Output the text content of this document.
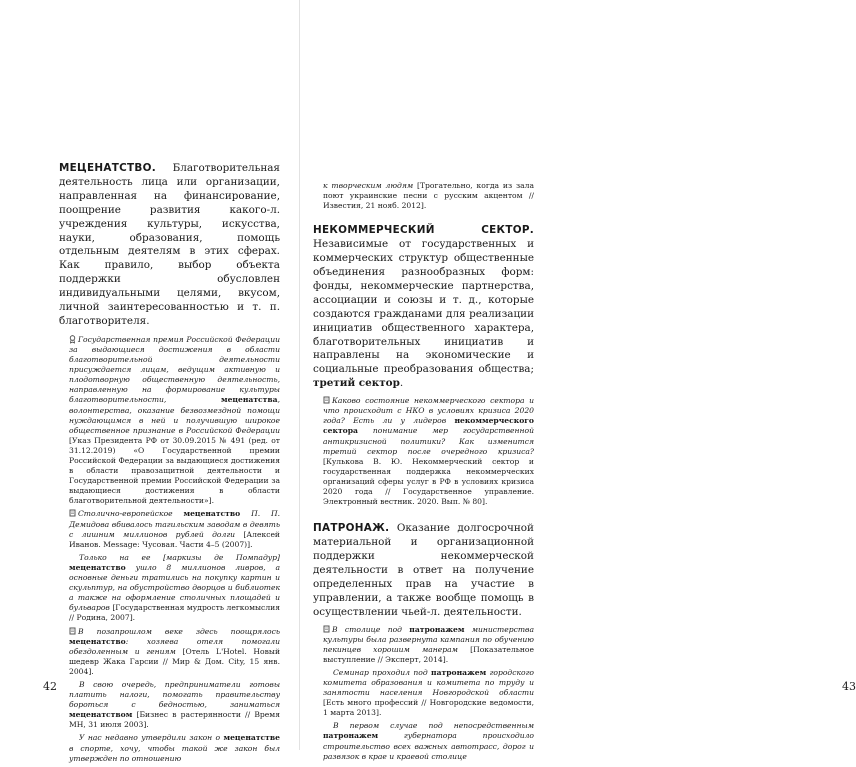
МЕЦЕНАТСТВО. Благотворительная деятельность лица или организации, направленная на финансирование, поощрение развития какого-л. учреждения культуры, искусства, науки, образования, помощь отдельным деятелям в этих сферах. Как правило, выбор объекта поддержки обусловлен индивидуальными целями, вкусом, личной заинтересованностью и т. п. благотворителя.

Государственная премия Российской Федерации за выдающиеся достижения в области благотворительной деятельности присуждается лицам, ведущим активную и плодотворную общественную деятельность, направленную на формирование культуры благотворительности, меценатства, волонтерства, оказание безвозмездной помощи нуждающимся в ней и получившую широкое общественное признание в Российской Федерации [Указ Президента РФ от 30.09.2015 № 491 (ред. от 31.12.2019) «О Государственной премии Российской Федерации за выдающиеся достижения в области правозащитной деятельности и Государственной премии Российской Федерации за выдающиеся достижения в области благотворительной деятельности»].

Столично-европейское меценатство П. П. Демидова вбивалось тагильским заводам в девять с лишним миллионов рублей долги [Алексей Иванов. Message: Чусовая. Части 4–5 (2007)].

Только на ее [маркизы де Помпадур] меценатство ушло 8 миллионов ливров, а основные деньги тратились на покупку картин и скульптур, на обустройство дворцов и библиотек а также на оформление столичных площадей и бульваров [Государственная мудрость легкомыслия // Родина, 2007].

В позапрошлом веке здесь поощрялось меценатство: хозяева отеля помогали обездоленным и гениям [Отель L'Hotel. Новый шедевр Жака Гарсии // Мир & Дом. City, 15 янв. 2004].

В свою очередь, предприниматели готовы платить налоги, помогать правительству бороться с бедностью, заниматься меценатством [Бизнес в растерянности // Время МН, 31 июля 2003].

У нас недавно утвердили закон о меценатстве в спорте, хочу, чтобы такой же закон был утвержден по отношению

42	43

к творческим людям [Трогательно, когда из зала поют украинские песни с русским акцентом // Известия, 21 нояб. 2012].

НЕКОММЕРЧЕСКИЙ СЕКТОР. Независимые от государственных и коммерческих структур общественные объединения разнообразных форм: фонды, некоммерческие партнерства, ассоциации и союзы и т. д., которые создаются гражданами для реализации инициатив общественного характера, благотворительных инициатив и направлены на экономические и социальные преобразования общества; третий сектор.

Каково состояние некоммерческого сектора и что происходит с НКО в условиях кризиса 2020 года? Есть ли у лидеров некоммерческого сектора понимание мер государственной антикризисной политики? Как изменится третий сектор после очередного кризиса? [Кулькова В. Ю. Некоммерческий сектор и государственная поддержка некоммерческих организаций сферы услуг в РФ в условиях кризиса 2020 года // Государственное управление. Электронный вестник. 2020. Вып. № 80].

ПАТРОНАЖ. Оказание долгосрочной материальной и организационной поддержки некоммерческой деятельности в ответ на получение определенных прав на участие в управлении, а также вообще помощь в осуществлении чьей-л. деятельности.

В столице под патронажем министерства культуры была развернута кампания по обучению пекинцев хорошим манерам [Показательное выступление // Эксперт, 2014].

Семинар проходил под патронажем городского комитета образования и комитета по труду и занятости населения Новгородской области [Есть много профессий // Новгородские ведомости, 1 марта 2013].

В первом случае под непосредственным патронажем губернатора происходило строительство всех важных автотрасс, дорог и развязок в крае и краевой столице
